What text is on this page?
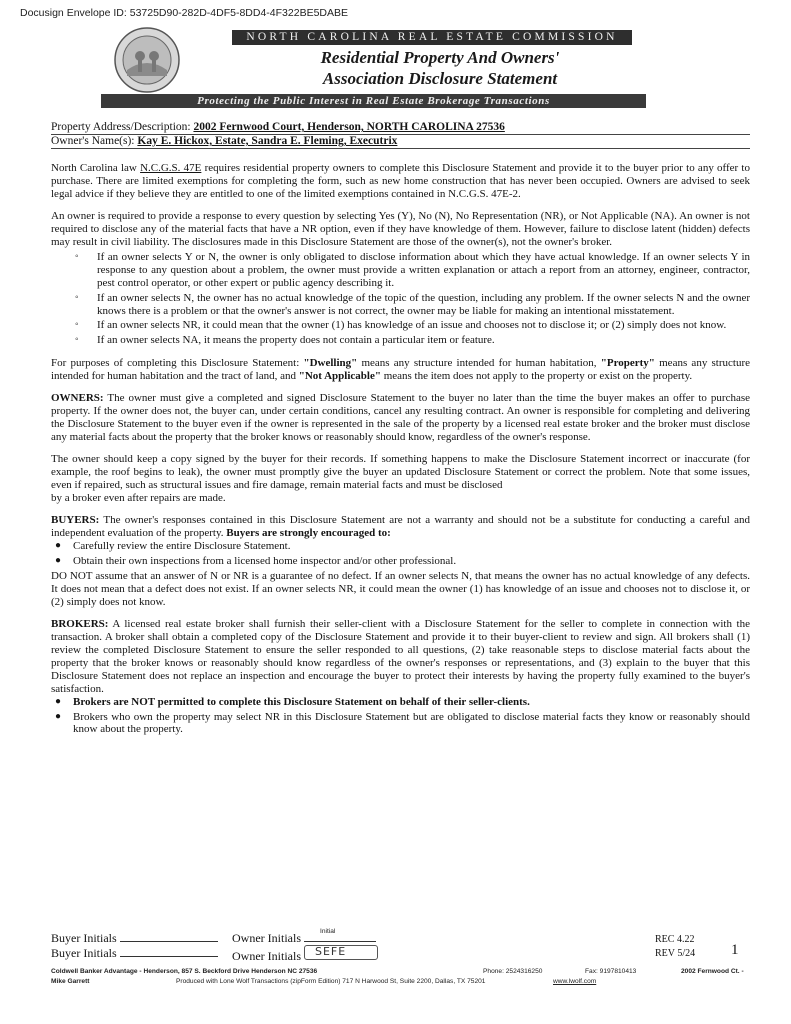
Docusign Envelope ID: 53725D90-282D-4DF5-8DD4-4F322BE5DABE
NORTH CAROLINA REAL ESTATE COMMISSION
Residential Property And Owners'
Association Disclosure Statement
Protecting the Public Interest in Real Estate Brokerage Transactions
Property Address/Description: 2002 Fernwood Court, Henderson, NORTH CAROLINA 27536
Owner's Name(s): Kay E. Hickox, Estate, Sandra E. Fleming, Executrix

North Carolina law N.C.G.S. 47E requires residential property owners to complete this Disclosure Statement and provide it to the buyer prior to any offer to purchase. There are limited exemptions for completing the form, such as new home construction that has never been occupied. Owners are advised to seek legal advice if they believe they are entitled to one of the limited exemptions contained in N.C.G.S. 47E-2.

An owner is required to provide a response to every question by selecting Yes (Y), No (N), No Representation (NR), or Not Applicable (NA). An owner is not required to disclose any of the material facts that have a NR option, even if they have knowledge of them. However, failure to disclose latent (hidden) defects may result in civil liability. The disclosures made in this Disclosure Statement are those of the owner(s), not the owner's broker.

◦ If an owner selects Y or N, the owner is only obligated to disclose information about which they have actual knowledge. If an owner selects Y in response to any question about a problem, the owner must provide a written explanation or attach a report from an attorney, engineer, contractor, pest control operator, or other expert or public agency describing it.
◦ If an owner selects N, the owner has no actual knowledge of the topic of the question, including any problem. If the owner selects N and the owner knows there is a problem or that the owner's answer is not correct, the owner may be liable for making an intentional misstatement.
◦ If an owner selects NR, it could mean that the owner (1) has knowledge of an issue and chooses not to disclose it; or (2) simply does not know.
◦ If an owner selects NA, it means the property does not contain a particular item or feature.

For purposes of completing this Disclosure Statement: "Dwelling" means any structure intended for human habitation, "Property" means any structure intended for human habitation and the tract of land, and "Not Applicable" means the item does not apply to the property or exist on the property.

OWNERS: The owner must give a completed and signed Disclosure Statement to the buyer no later than the time the buyer makes an offer to purchase property. If the owner does not, the buyer can, under certain conditions, cancel any resulting contract. An owner is responsible for completing and delivering the Disclosure Statement to the buyer even if the owner is represented in the sale of the property by a licensed real estate broker and the broker must disclose any material facts about the property that the broker knows or reasonably should know, regardless of the owner's response.

The owner should keep a copy signed by the buyer for their records. If something happens to make the Disclosure Statement incorrect or inaccurate (for example, the roof begins to leak), the owner must promptly give the buyer an updated Disclosure Statement or correct the problem. Note that some issues, even if repaired, such as structural issues and fire damage, remain material facts and must be disclosed
by a broker even after repairs are made.

BUYERS: The owner's responses contained in this Disclosure Statement are not a warranty and should not be a substitute for conducting a careful and independent evaluation of the property. Buyers are strongly encouraged to:

● Carefully review the entire Disclosure Statement.
● Obtain their own inspections from a licensed home inspector and/or other professional.

DO NOT assume that an answer of N or NR is a guarantee of no defect. If an owner selects N, that means the owner has no actual knowledge of any defects. It does not mean that a defect does not exist. If an owner selects NR, it could mean the owner (1) has knowledge of an issue and chooses not to disclose it, or (2) simply does not know.

BROKERS: A licensed real estate broker shall furnish their seller-client with a Disclosure Statement for the seller to complete in connection with the transaction. A broker shall obtain a completed copy of the Disclosure Statement and provide it to their buyer-client to review and sign. All brokers shall (1) review the completed Disclosure Statement to ensure the seller responded to all questions, (2) take reasonable steps to disclose material facts about the property that the broker knows or reasonably should know regardless of the owner's responses or representations, and (3) explain to the buyer that this Disclosure Statement does not replace an inspection and encourage the buyer to protect their interests by having the property fully examined to the buyer's satisfaction.

● Brokers are NOT permitted to complete this Disclosure Statement on behalf of their seller-clients.
● Brokers who own the property may select NR in this Disclosure Statement but are obligated to disclose material facts they know or reasonably should know about the property.
Buyer Initials
Buyer Initials
Owner Initials	Initial
Owner Initials SEFE
REC 4.22
REV 5/24 1
Coldwell Banker Advantage - Henderson, 857 S. Beckford Drive Henderson NC 27536	Phone: 2524316250	Fax: 9197810413	2002 Fernwood Ct. -
Mike Garrett	Produced with Lone Wolf Transactions (zipForm Edition) 717 N Harwood St, Suite 2200, Dallas, TX 75201	www.lwolf.com
